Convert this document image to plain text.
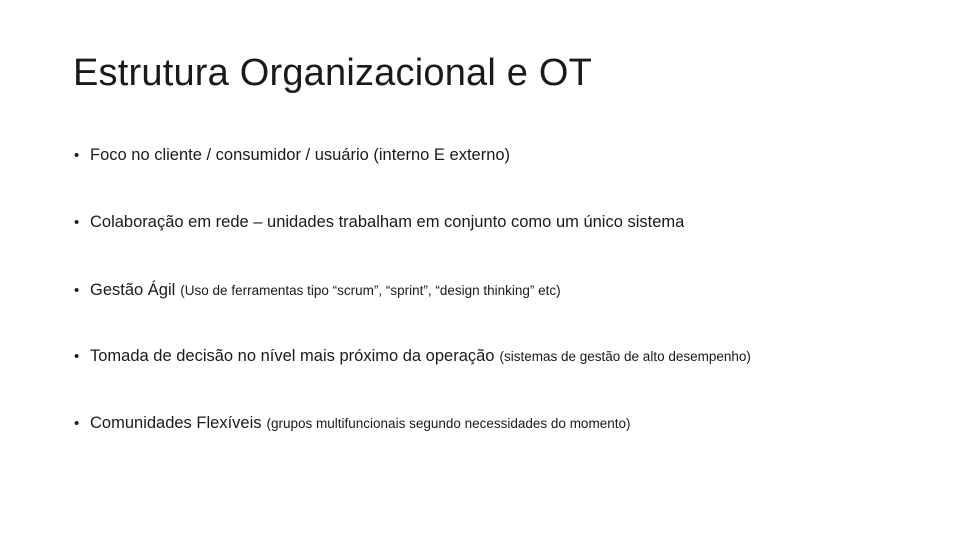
Estrutura Organizacional e OT
• Foco no cliente / consumidor / usuário (interno E externo)
• Colaboração em rede – unidades trabalham em conjunto como um único sistema
• Gestão Ágil (Uso de ferramentas tipo “scrum”, “sprint”, “design thinking” etc)
• Tomada de decisão no nível mais próximo da operação (sistemas de gestão de alto desempenho)
• Comunidades Flexíveis (grupos multifuncionais segundo necessidades do momento)
